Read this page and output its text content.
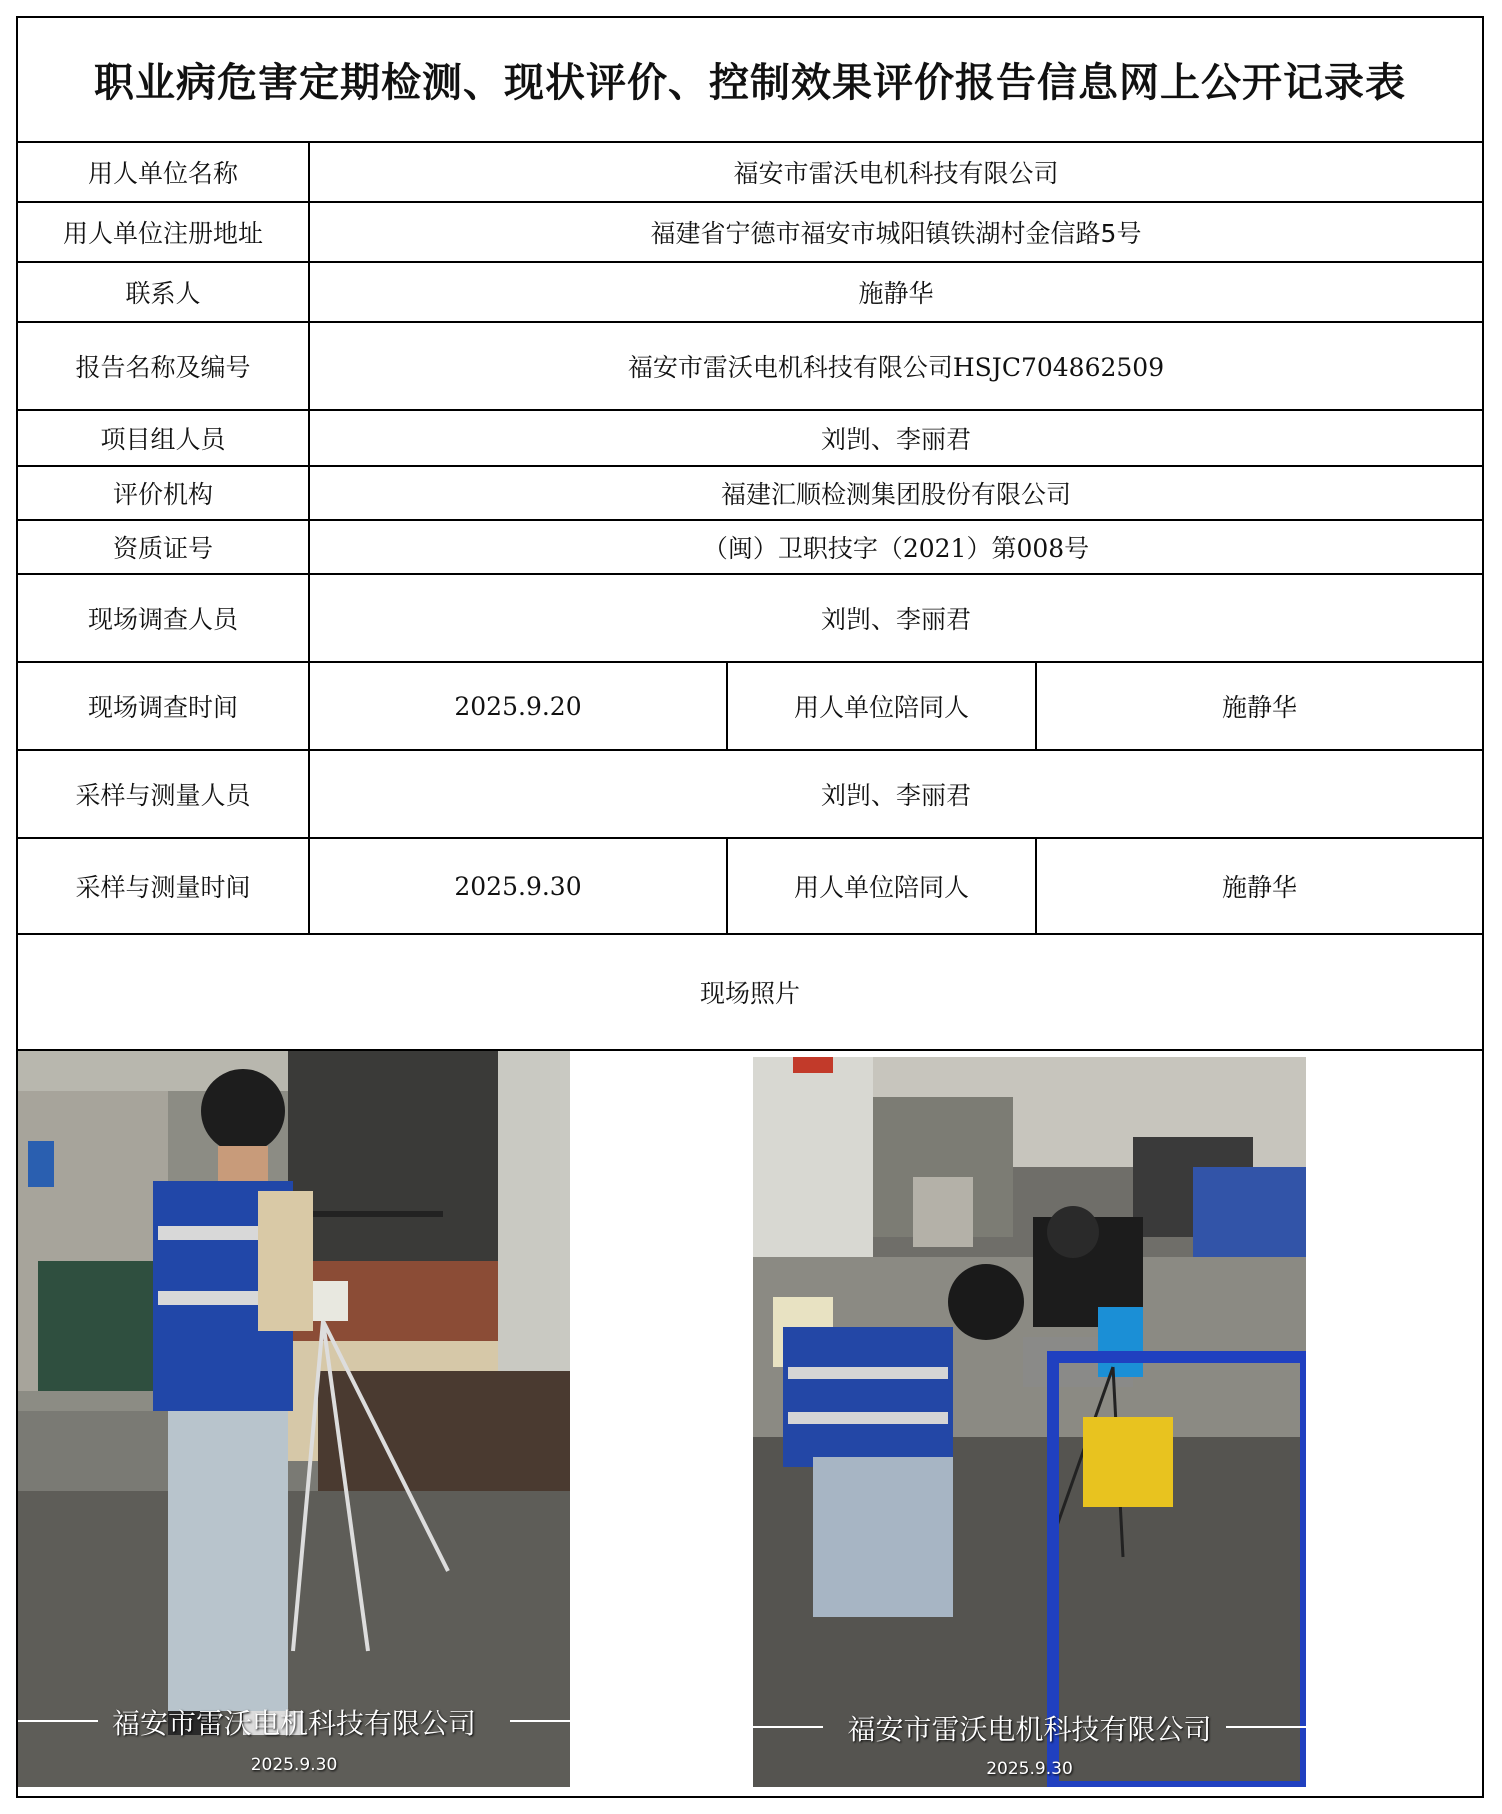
职业病危害定期检测、现状评价、控制效果评价报告信息网上公开记录表
用人单位名称	福安市雷沃电机科技有限公司
用人单位注册地址	福建省宁德市福安市城阳镇铁湖村金信路5号
联系人	施静华
报告名称及编号	福安市雷沃电机科技有限公司HSJC704862509
项目组人员	刘剀、李丽君
评价机构	福建汇顺检测集团股份有限公司
资质证号	（闽）卫职技字（2021）第008号
现场调查人员	刘剀、李丽君
现场调查时间	2025.9.20	用人单位陪同人	施静华
采样与测量人员	刘剀、李丽君
采样与测量时间	2025.9.30	用人单位陪同人	施静华
现场照片
福安市雷沃电机科技有限公司
2025.9.30
福安市雷沃电机科技有限公司
2025.9.30
